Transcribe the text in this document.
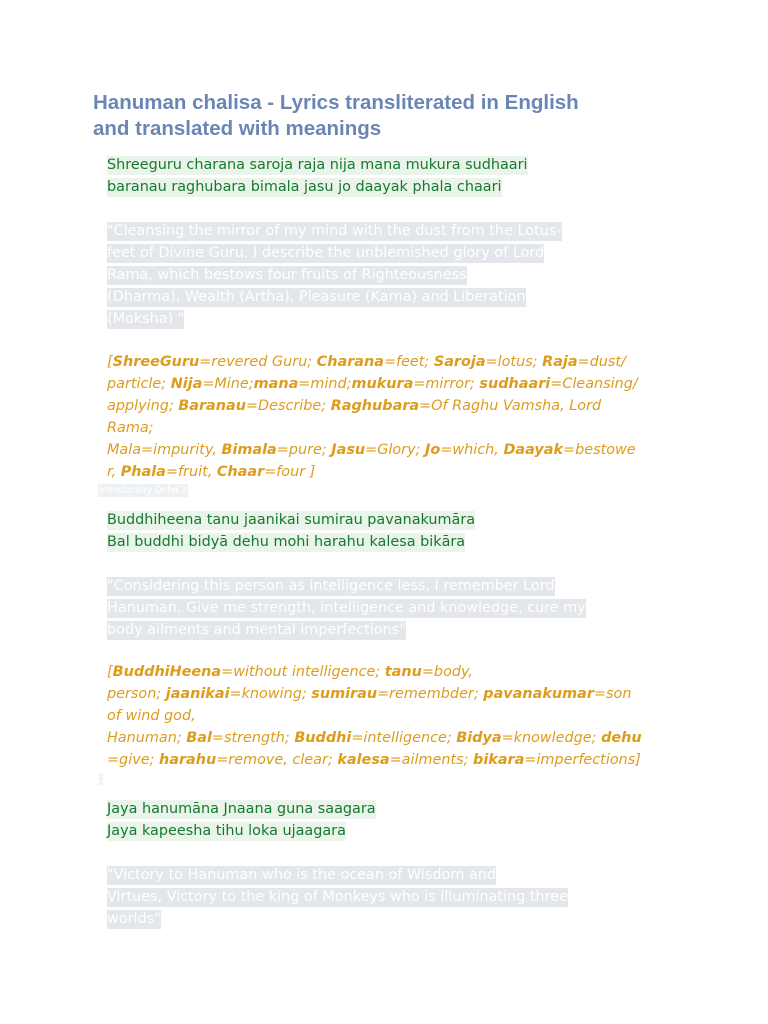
Hanuman chalisa - Lyrics transliterated in English
and translated with meanings
Shreeguru charana saroja raja nija mana mukura sudhaari
baranau raghubara bimala jasu jo daayak phala chaari
"Cleansing the mirror of my mind with the dust from the Lotus-
feet of Divine Guru, I describe the unblemished glory of Lord
Rama, which bestows four fruits of Righteousness
(Dharma), Wealth (Artha), Pleasure (Kama) and Liberation
(Moksha) "
[ShreeGuru=revered Guru; Charana=feet; Saroja=lotus; Raja=dust/
particle; Nija=Mine;mana=mind;mukura=mirror; sudhaari=Cleansing/
applying; Baranau=Describe; Raghubara=Of Raghu Vamsha, Lord
Rama;
Mala=impurity, Bimala=pure; Jasu=Glory; Jo=which, Daayak=bestowe
r, Phala=fruit, Chaar=four ]
Introductory Doha 2
Buddhiheena tanu jaanikai sumirau pavanakumāra
Bal buddhi bidyā dehu mohi harahu kalesa bikāra
"Considering this person as intelligence less, I remember Lord
Hanuman. Give me strength, intelligence and knowledge, cure my
body ailments and mental imperfections"
[BuddhiHeena=without intelligence; tanu=body,
person; jaanikai=knowing; sumirau=remembder; pavanakumar=son
of wind god,
Hanuman; Bal=strength; Buddhi=intelligence; Bidya=knowledge; dehu
=give; harahu=remove, clear; kalesa=ailments; bikara=imperfections]
1
Jaya hanumāna Jnaana guna saagara
Jaya kapeesha tihu loka ujaagara
"Victory to Hanuman who is the ocean of Wisdom and
Virtues, Victory to the king of Monkeys who is illuminating three
worlds"
